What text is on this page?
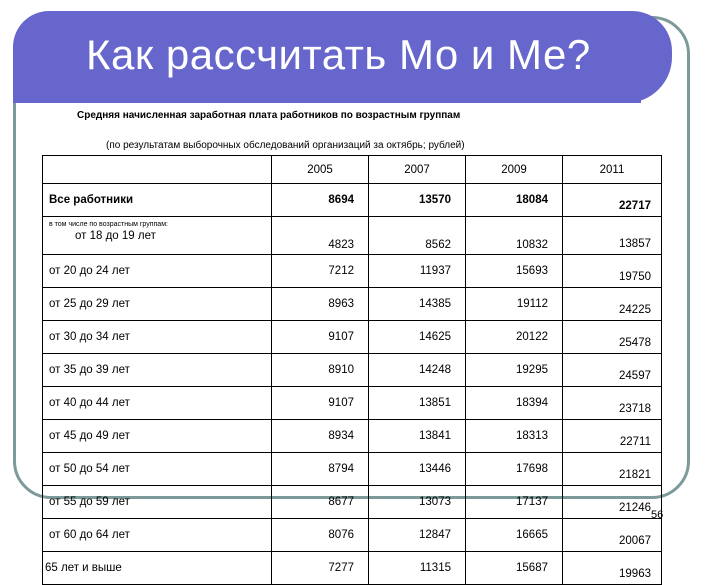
Как рассчитать Мо и Ме?

Средняя начисленная заработная плата работников по возрастным группам

(по результатам выборочных обследований организаций за октябрь; рублей)

	2005	2007	2009	2011
Все работники	8694	13570	18084	22717

в том числе по возрастным группам:
от 18 до 19 лет	4823	8562	10832	13857
от 20 до 24 лет	7212	11937	15693	19750
от 25 до 29 лет	8963	14385	19112	24225
от 30 до 34 лет	9107	14625	20122	25478
от 35 до 39 лет	8910	14248	19295	24597
от 40 до 44 лет	9107	13851	18394	23718
от 45 до 49 лет	8934	13841	18313	22711
от 50 до 54 лет	8794	13446	17698	21821
от 55 до 59 лет	8677	13073	17137	21246
от 60 до 64 лет	8076	12847	16665	20067
65 лет и выше	7277	11315	15687	19963

56
